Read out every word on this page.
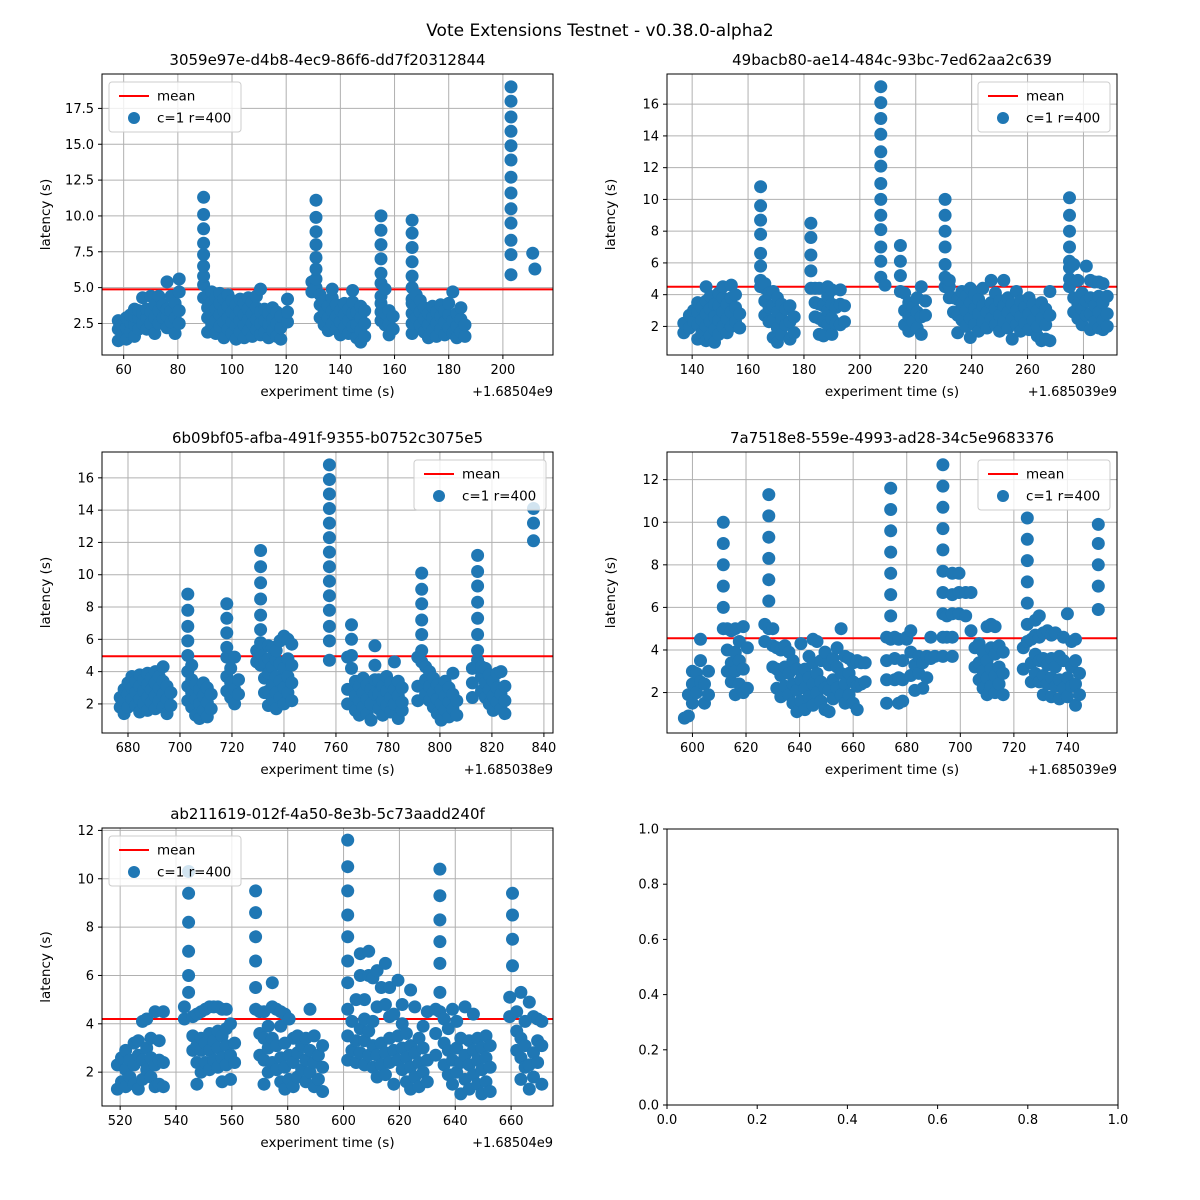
Vote Extensions Testnet - v0.38.0-alpha2
60	80	100 120 140 160 180 200
2.5
5.0
7.5
10.0
12.5
15.0
17.5
3059e97e-d4b8-4ec9-86f6-dd7f20312844
experiment time (s)	+1.68504e9
latency (s)
mean
c=1 r=400
140 160 180 200 220 240 260 280
2
4
6
8
10
12
14
16
49bacb80-ae14-484c-93bc-7ed62aa2c639
experiment time (s)	+1.685039e9
latency (s)
mean
c=1 r=400
680 700 720 740 760 780 800 820 840
2
4
6
8
10
12
14
16
6b09bf05-afba-491f-9355-b0752c3075e5
experiment time (s)	+1.685038e9
latency (s)
mean
c=1 r=400
600 620 640 660 680 700 720 740
2
4
6
8
10
12
7a7518e8-559e-4993-ad28-34c5e9683376
experiment time (s)	+1.685039e9
latency (s)
mean
c=1 r=400
520 540 560 580 600 620 640 660
2
4
6
8
10
12
ab211619-012f-4a50-8e3b-5c73aadd240f
experiment time (s)	+1.68504e9
latency (s)
mean
c=1 r=400
0.0	0.2	0.4	0.6	0.8	1.0
0.0
0.2
0.4
0.6
0.8
1.0
